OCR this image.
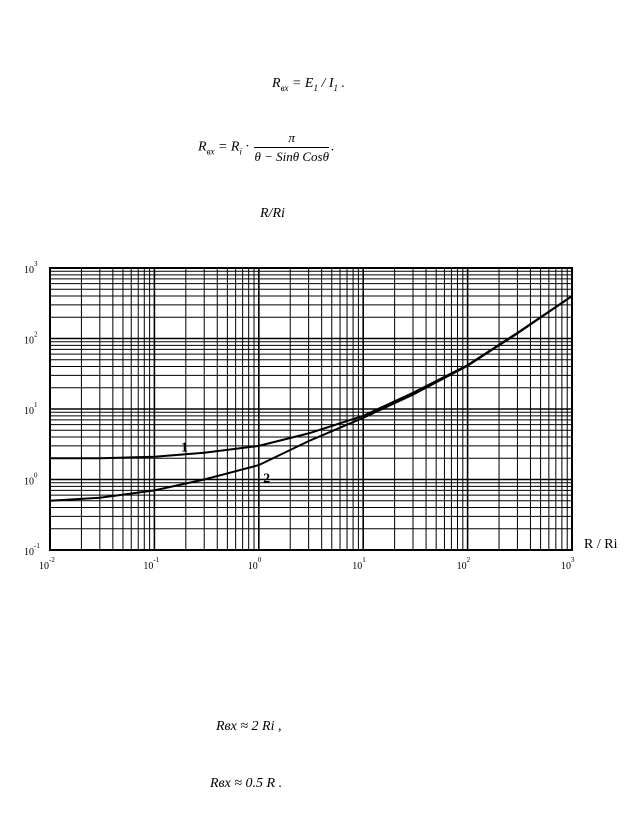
$R_{вх} = E_1 / I_1$ .
$R_{вх} = R_i \cdot \frac{\pi}{\text{θ − Sinθ Cosθ}}$ .
R/Ri
10
-2
10
-1
10
0
10
1
10
2
10
3
10
-1
10
0
10
1
10
2
10
3
1
2
R / Ri
Rвх ≈ 2 Ri ,
Rвх ≈ 0.5 R .
